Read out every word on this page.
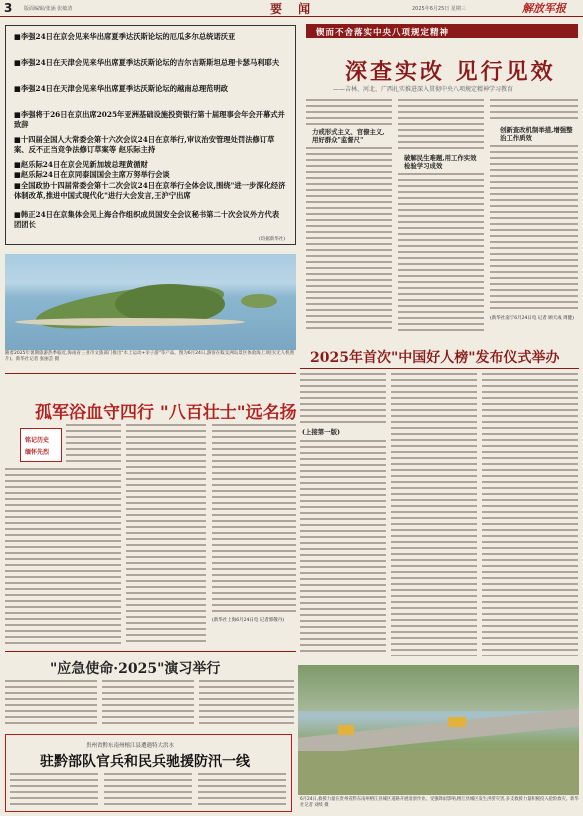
3 版面编辑/张涵 张敏清	要 闻	2025年6月25日 星期三	解放军报
■李强24日在京会见来华出席夏季达沃斯论坛的厄瓜多尔总统诺沃亚
■李强24日在天津会见来华出席夏季达沃斯论坛的吉尔吉斯斯坦总理卡瑟马利耶夫
■李强24日在天津会见来华出席夏季达沃斯论坛的越南总理范明政
■李强将于26日在京出席2025年亚洲基础设施投资银行第十届理事会年会开幕式并致辞
■十四届全国人大常委会第十六次会议24日在京举行,审议治安管理处罚法修订草案、反不正当竞争法修订草案等 赵乐际主持
■赵乐际24日在京会见新加坡总理黄循财
■赵乐际24日在京同泰国国会主席万努举行会谈
■全国政协十四届常委会第十二次会议24日在京举行全体会议,围绕"进一步深化经济体制改革,推进中国式现代化"进行大会发言,王沪宁出席
■韩正24日在京集体会见上海合作组织成员国安全会议秘书第二十次会议外方代表团团长
(均据新华社)
锲而不舍落实中央八项规定精神
深查实改 见行见效
——吉林、河北、广西扎实推进深入贯彻中央八项规定精神学习教育
力戒形式主义、官僚主义,用好群众"监督尺"
破解民生难题,用工作实效检验学习成效
创新查改机制举措,增强整治工作质效
(新华社南宁6月24日电 记者 顾天成 周健)
随着2025年暑期旅游热季临近,海南省三亚市文旅部门推出"水上运动+亲子游"等产品。图为6月24日,游客在蜈支洲岛景区体验海上项目(无人机照片)。新华社记者 张丽芸 摄	2025年首次"中国好人榜"发布仪式举办
(上接第一版)
孤军浴血守四行 "八百壮士"远名扬
铭记历史
缅怀先烈
(新华社上海6月24日电 记者郭敬丹)
"应急使命·2025"演习举行
贵州省黔东南州榕江县遭遇特大洪水
驻黔部队官兵和民兵驰援防汛一线
6月24日,救援力量在贵州省黔东南州榕江县城区道路开展清淤作业。受强降雨影响,榕江县城区发生洪涝灾害,多支救援力量积极投入抢险救灾。新华社记者 刘续 摄
